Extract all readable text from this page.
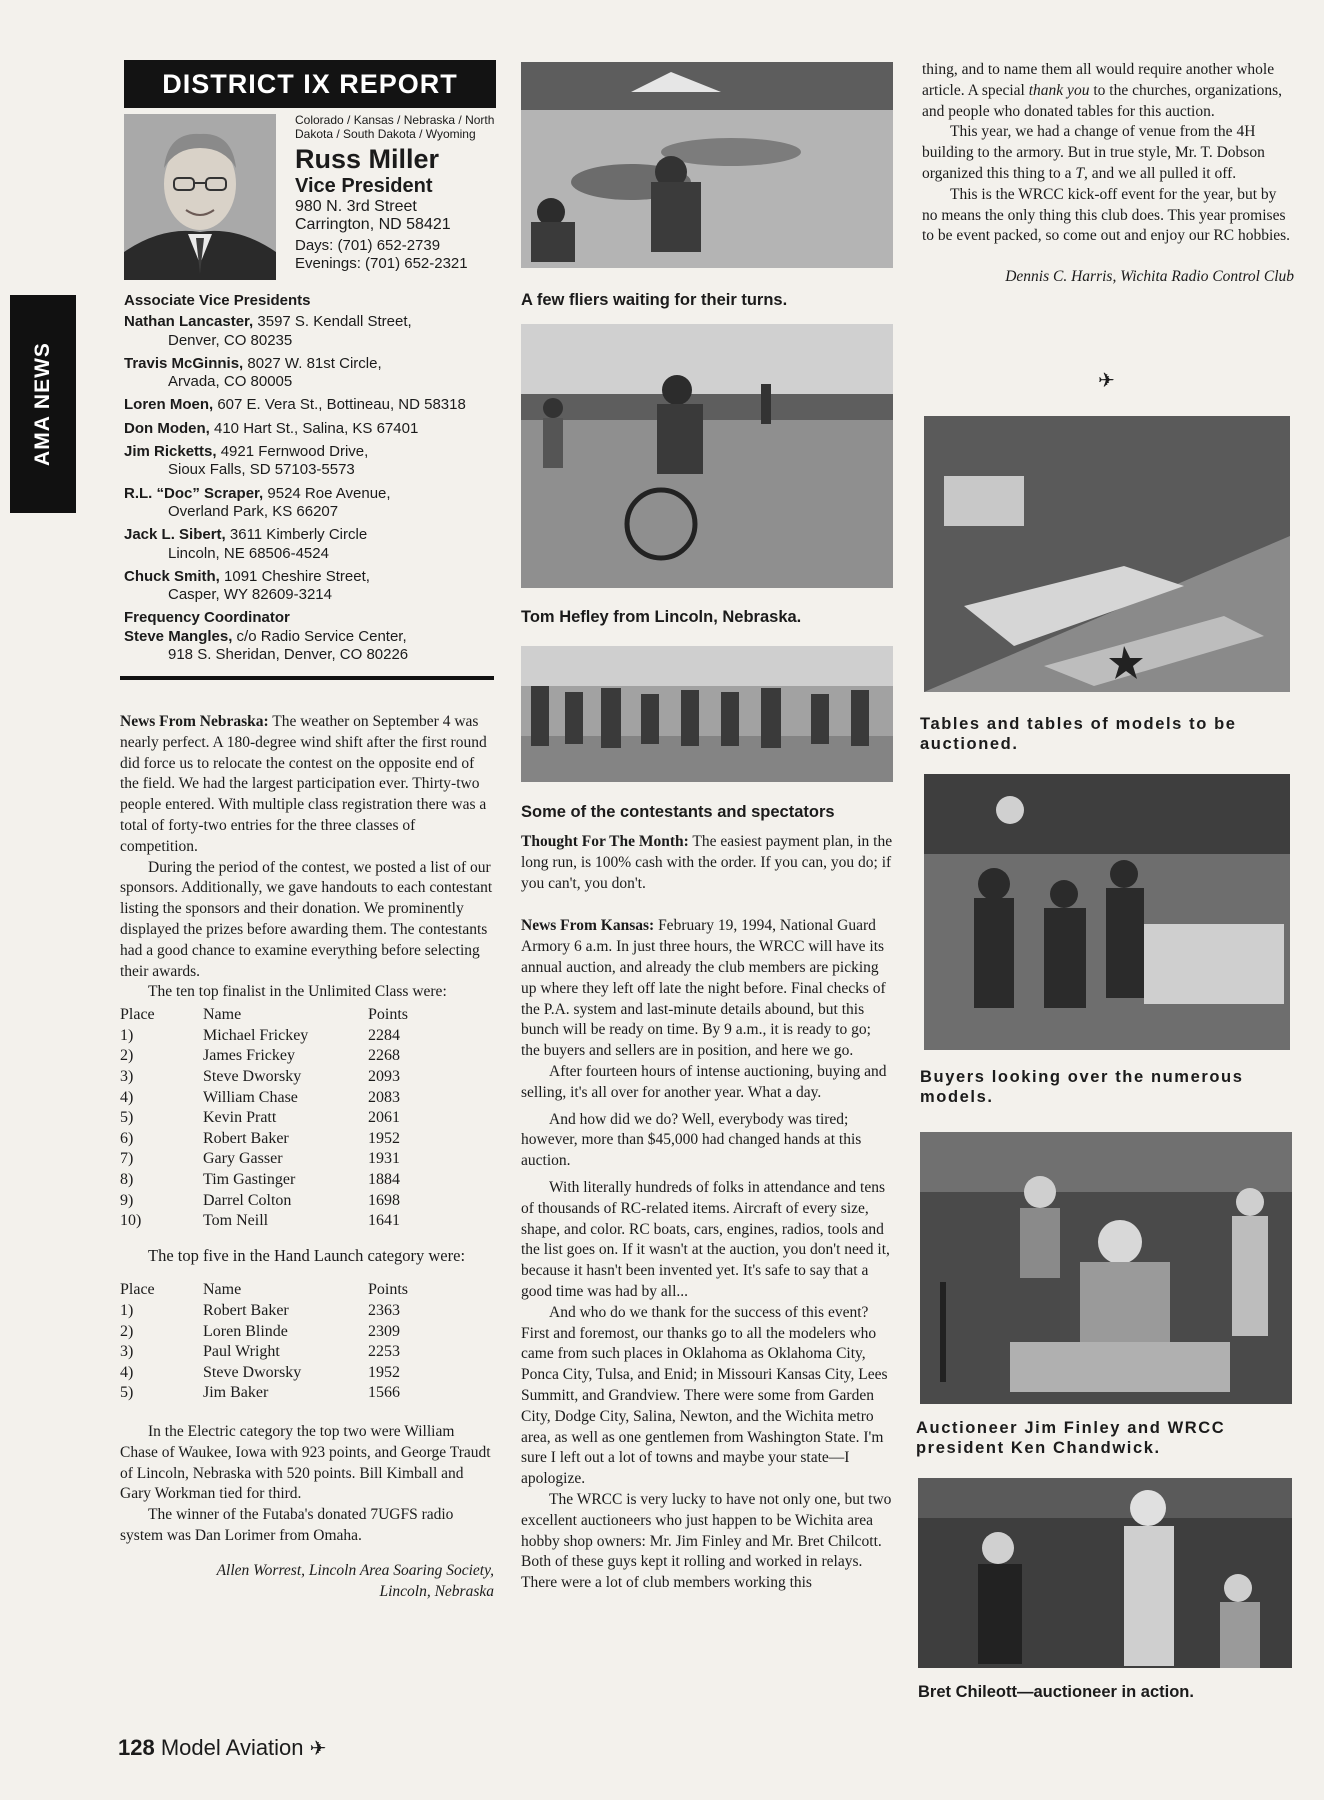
AMA NEWS
DISTRICT IX REPORT
Colorado / Kansas / Nebraska / North Dakota / South Dakota / Wyoming
Russ Miller
Vice President
980 N. 3rd Street
Carrington, ND 58421
Days: (701) 652-2739
Evenings: (701) 652-2321
Associate Vice Presidents
Nathan Lancaster, 3597 S. Kendall Street,
Denver, CO 80235
Travis McGinnis, 8027 W. 81st Circle,
Arvada, CO 80005
Loren Moen, 607 E. Vera St., Bottineau, ND 58318
Don Moden, 410 Hart St., Salina, KS 67401
Jim Ricketts, 4921 Fernwood Drive,
Sioux Falls, SD 57103-5573
R.L. “Doc” Scraper, 9524 Roe Avenue,
Overland Park, KS 66207
Jack L. Sibert, 3611 Kimberly Circle
Lincoln, NE 68506-4524
Chuck Smith, 1091 Cheshire Street,
Casper, WY 82609-3214
Frequency Coordinator
Steve Mangles, c/o Radio Service Center,
918 S. Sheridan, Denver, CO 80226

News From Nebraska: The weather on September 4 was nearly perfect. A 180-degree wind shift after the first round did force us to relocate the contest on the opposite end of the field. We had the largest participation ever. Thirty-two people entered. With multiple class registration there was a total of forty-two entries for the three classes of competition.

During the period of the contest, we posted a list of our sponsors. Additionally, we gave handouts to each contestant listing the sponsors and their donation. We prominently displayed the prizes before awarding them. The contestants had a good chance to examine everything before selecting their awards.

The ten top finalist in the Unlimited Class were:

Place	Name	Points
1)	Michael Frickey	2284
2)	James Frickey	2268
3)	Steve Dworsky	2093
4)	William Chase	2083
5)	Kevin Pratt	2061
6)	Robert Baker	1952
7)	Gary Gasser	1931
8)	Tim Gastinger	1884
9)	Darrel Colton	1698
10)	Tom Neill	1641

The top five in the Hand Launch category were:

Place	Name	Points
1)	Robert Baker	2363
2)	Loren Blinde	2309
3)	Paul Wright	2253
4)	Steve Dworsky	1952
5)	Jim Baker	1566

In the Electric category the top two were William Chase of Waukee, Iowa with 923 points, and George Traudt of Lincoln, Nebraska with 520 points. Bill Kimball and Gary Workman tied for third.

The winner of the Futaba's donated 7UGFS radio system was Dan Lorimer from Omaha.

Allen Worrest, Lincoln Area Soaring Society,

Lincoln, Nebraska

A few fliers waiting for their turns.
Tom Hefley from Lincoln, Nebraska.
Some of the contestants and spectators

Thought For The Month: The easiest payment plan, in the long run, is 100% cash with the order. If you can, you do; if you can't, you don't.

News From Kansas: February 19, 1994, National Guard Armory 6 a.m. In just three hours, the WRCC will have its annual auction, and already the club members are picking up where they left off late the night before. Final checks of the P.A. system and last-minute details abound, but this bunch will be ready on time. By 9 a.m., it is ready to go; the buyers and sellers are in position, and here we go.

After fourteen hours of intense auctioning, buying and selling, it's all over for another year. What a day.

And how did we do? Well, everybody was tired; however, more than $45,000 had changed hands at this auction.

With literally hundreds of folks in attendance and tens of thousands of RC-related items. Aircraft of every size, shape, and color. RC boats, cars, engines, radios, tools and the list goes on. If it wasn't at the auction, you don't need it, because it hasn't been invented yet. It's safe to say that a good time was had by all...

And who do we thank for the success of this event? First and foremost, our thanks go to all the modelers who came from such places in Oklahoma as Oklahoma City, Ponca City, Tulsa, and Enid; in Missouri Kansas City, Lees Summitt, and Grandview. There were some from Garden City, Dodge City, Salina, Newton, and the Wichita metro area, as well as one gentlemen from Washington State. I'm sure I left out a lot of towns and maybe your state—I apologize.

The WRCC is very lucky to have not only one, but two excellent auctioneers who just happen to be Wichita area hobby shop owners: Mr. Jim Finley and Mr. Bret Chilcott. Both of these guys kept it rolling and worked in relays. There were a lot of club members working this

thing, and to name them all would require another whole article. A special thank you to the churches, organizations, and people who donated tables for this auction.

This year, we had a change of venue from the 4H building to the armory. But in true style, Mr. T. Dobson organized this thing to a T, and we all pulled it off.

This is the WRCC kick-off event for the year, but by no means the only thing this club does. This year promises to be event packed, so come out and enjoy our RC hobbies.

Dennis C. Harris, Wichita Radio Control Club

✈
Tables and tables of models to be auctioned.
Buyers looking over the numerous models.
Auctioneer Jim Finley and WRCC president Ken Chandwick.
Bret Chileott—auctioneer in action.
128 Model Aviation ✈
